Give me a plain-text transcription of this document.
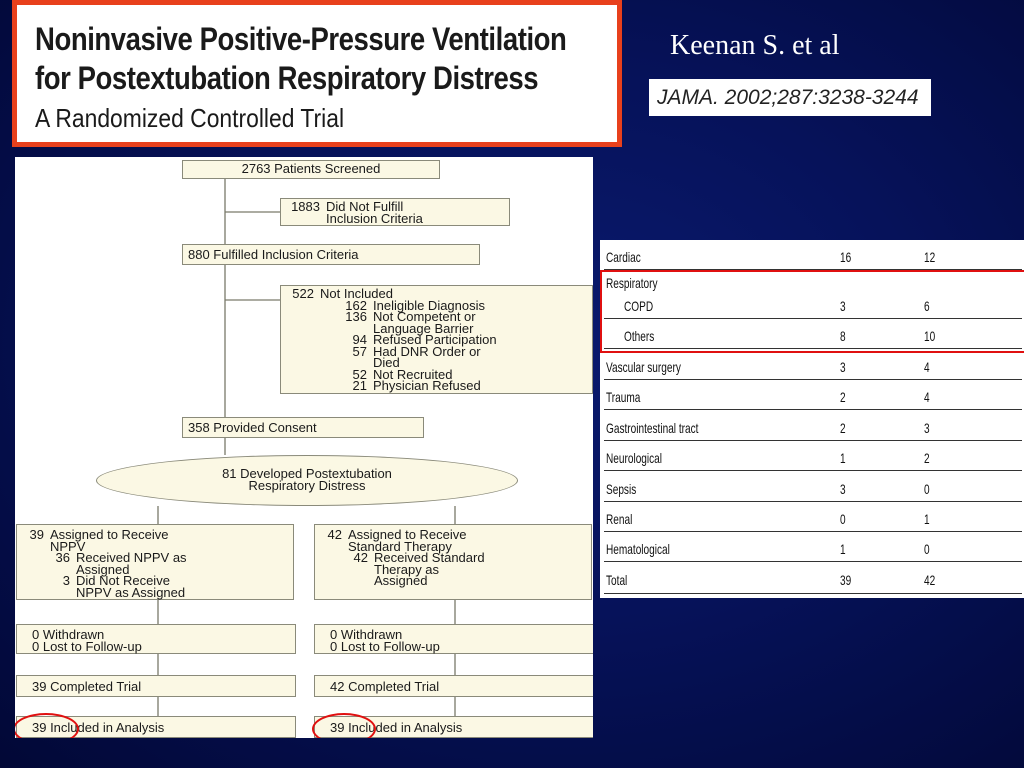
Noninvasive Positive-Pressure Ventilation
for Postextubation Respiratory Distress
A Randomized Controlled Trial
Keenan S. et al
JAMA. 2002;287:3238-3244
2763 Patients Screened
1883 Did Not Fulfill
Inclusion Criteria
880 Fulfilled Inclusion Criteria
522 Not Included
162 Ineligible Diagnosis
136 Not Competent or
Language Barrier
94 Refused Participation
57 Had DNR Order or
Died
52 Not Recruited
21 Physician Refused
358 Provided Consent
81 Developed Postextubation
Respiratory Distress
39 Assigned to Receive
NPPV
36 Received NPPV as
Assigned
3 Did Not Receive
NPPV as Assigned
42 Assigned to Receive
Standard Therapy
42 Received Standard
Therapy as
Assigned
0 Withdrawn
0 Lost to Follow-up
0 Withdrawn
0 Lost to Follow-up
39 Completed Trial	42 Completed Trial
39 Included in Analysis	39 Included in Analysis
Cardiac	16	12
Respiratory
COPD	3	6
Others	8	10
Vascular surgery	3	4
Trauma	2	4
Gastrointestinal tract	2	3
Neurological	1	2
Sepsis	3	0
Renal	0	1
Hematological	1	0
Total	39	42
